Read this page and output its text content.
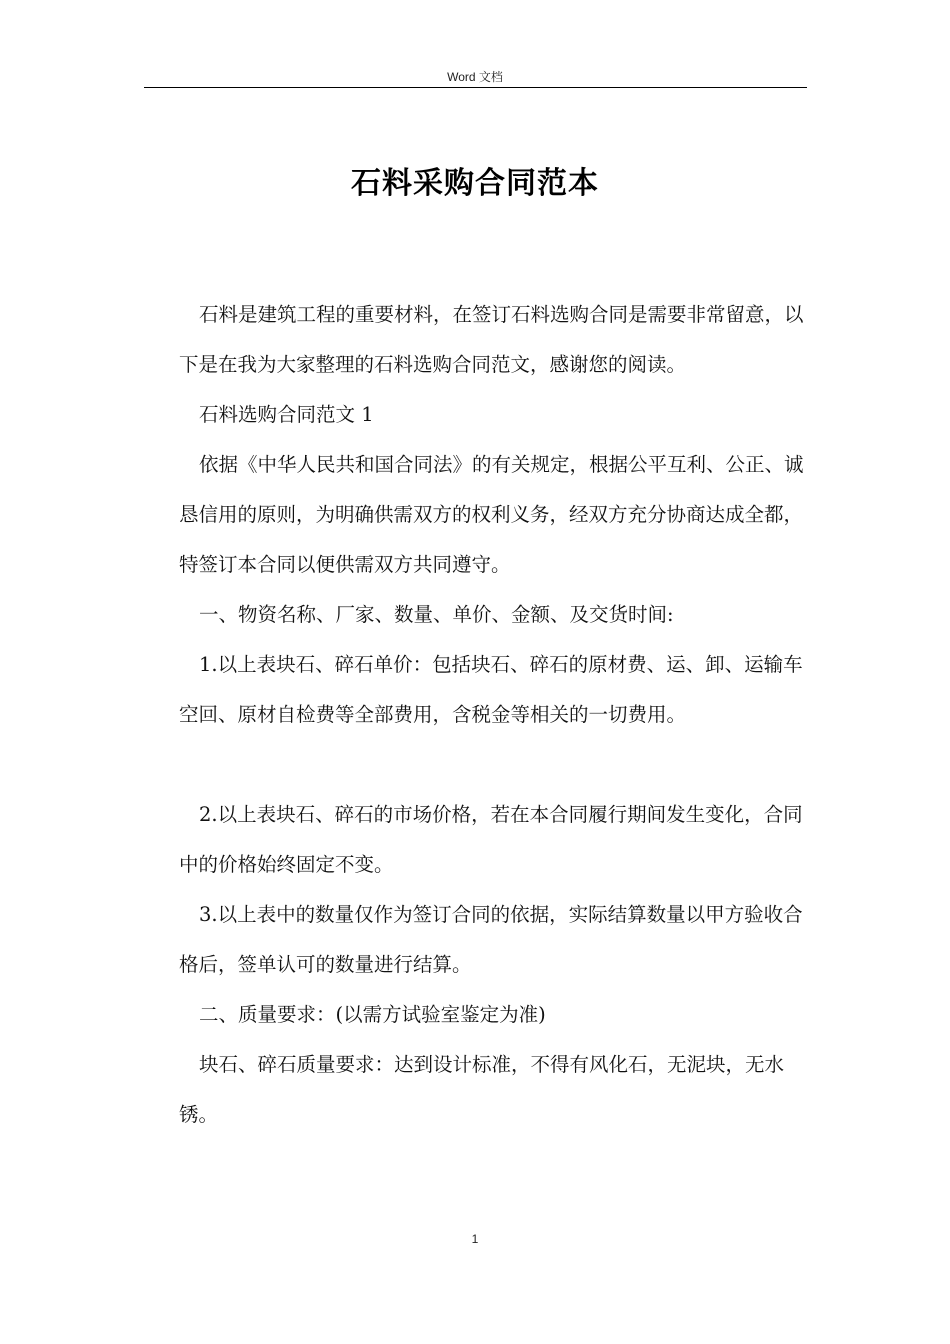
Word 文档
石料采购合同范本

石料是建筑工程的重要材料，在签订石料选购合同是需要非常留意，以下是在我为大家整理的石料选购合同范文，感谢您的阅读。

石料选购合同范文 1

依据《中华人民共和国合同法》的有关规定，根据公平互利、公正、诚恳信用的原则，为明确供需双方的权利义务，经双方充分协商达成全都，特签订本合同以便供需双方共同遵守。

一、物资名称、厂家、数量、单价、金额、及交货时间:

1.以上表块石、碎石单价：包括块石、碎石的原材费、运、卸、运输车空回、原材自检费等全部费用，含税金等相关的一切费用。

2.以上表块石、碎石的市场价格，若在本合同履行期间发生变化，合同中的价格始终固定不变。

3.以上表中的数量仅作为签订合同的依据，实际结算数量以甲方验收合格后，签单认可的数量进行结算。

二、质量要求：(以需方试验室鉴定为准)

块石、碎石质量要求：达到设计标准，不得有风化石，无泥块，无水锈。

1
